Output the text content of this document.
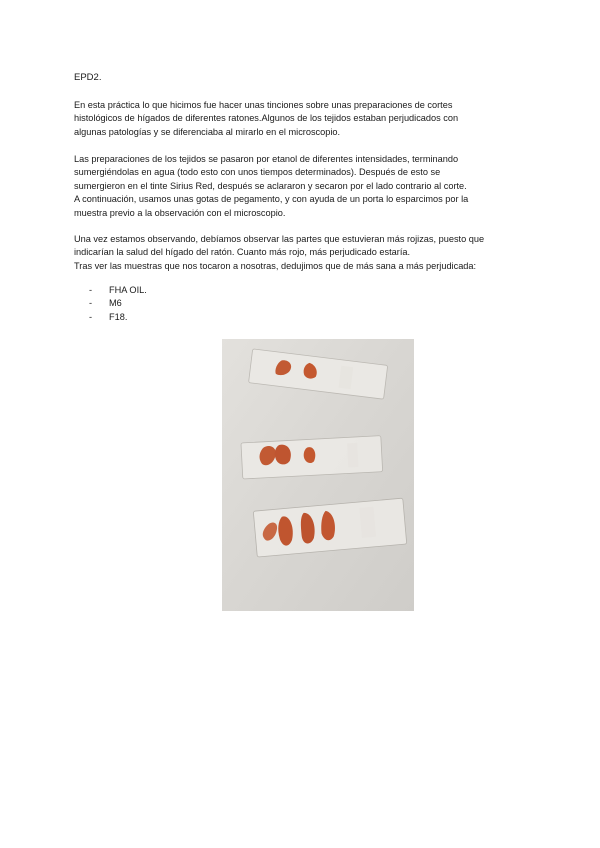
EPD2.
En esta práctica lo que hicimos fue hacer unas tinciones sobre unas preparaciones de cortes
histológicos de hígados de diferentes ratones.Algunos de los tejidos estaban perjudicados con
algunas patologías y se diferenciaba al mirarlo en el microscopio.
Las preparaciones de los tejidos se pasaron por etanol de diferentes intensidades, terminando
sumergiéndolas en agua (todo esto con unos tiempos determinados). Después de esto se
sumergieron en el tinte Sirius Red, después se aclararon y secaron por el lado contrario al corte.
A continuación, usamos unas gotas de pegamento, y con ayuda de un porta lo esparcimos por la
muestra previo a la observación con el microscopio.
Una vez estamos observando, debíamos observar las partes que estuvieran más rojizas, puesto que
indicarían la salud del hígado del ratón. Cuanto más rojo, más perjudicado estaría.
Tras ver las muestras que nos tocaron a nosotras, dedujimos que de más sana a más perjudicada:
-	FHA OIL.
-	M6
-	F18.
